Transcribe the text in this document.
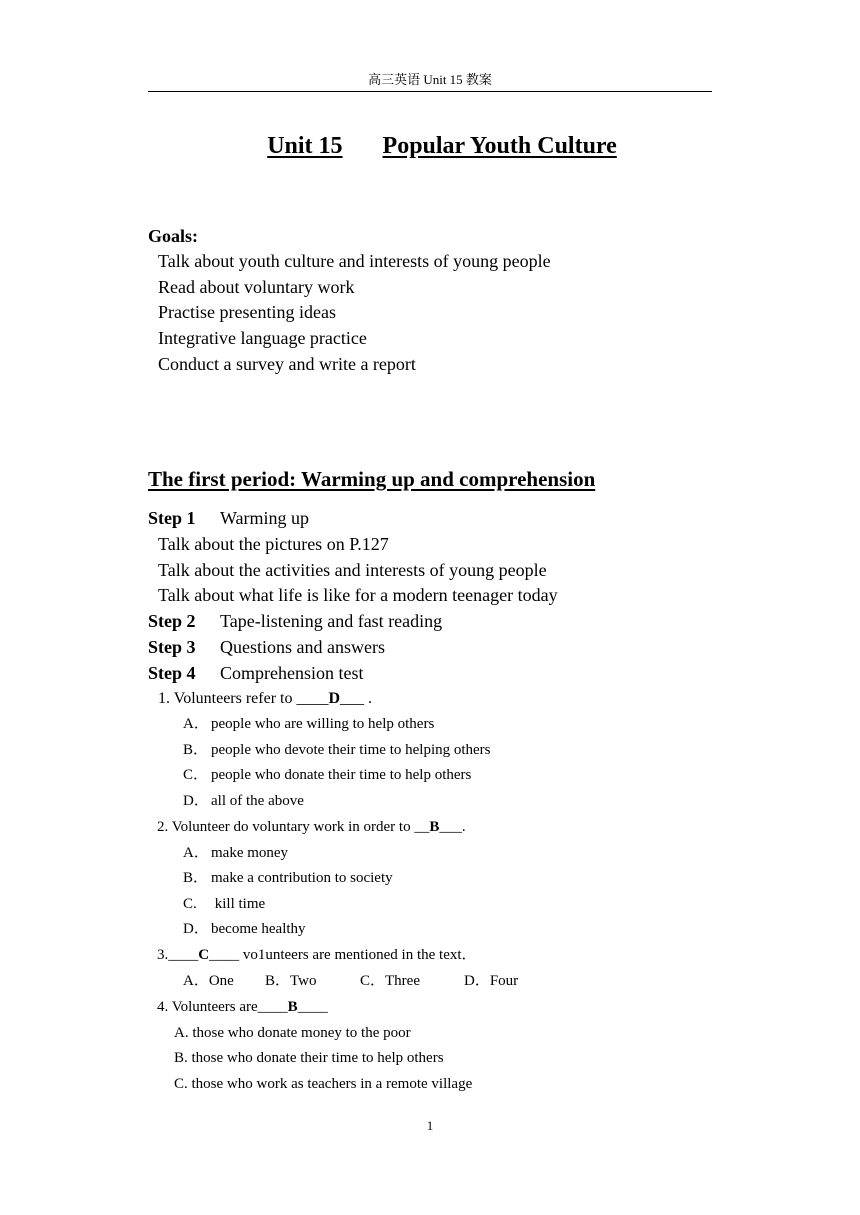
高三英语 Unit 15 教案
Unit 15 Popular Youth Culture
Goals:
Talk about youth culture and interests of young people
Read about voluntary work
Practise presenting ideas
Integrative language practice
Conduct a survey and write a report
The first period: Warming up and comprehension
Step 1 Warming up
Talk about the pictures on P.127
Talk about the activities and interests of young people
Talk about what life is like for a modern teenager today
Step 2 Tape-listening and fast reading
Step 3 Questions and answers
Step 4 Comprehension test
1. Volunteers refer to ____D___ .
A． people who are willing to help others
B． people who devote their time to helping others
C． people who donate their time to help others
D． all of the above
2. Volunteer do voluntary work in order to __B___.
A． make money
B． make a contribution to society
C. kill time
D． become healthy
3.____C____ vo1unteers are mentioned in the text．
A．One B．Two	C．Three	D．Four
4. Volunteers are____B____
A. those who donate money to the poor
B. those who donate their time to help others
C. those who work as teachers in a remote village
1
